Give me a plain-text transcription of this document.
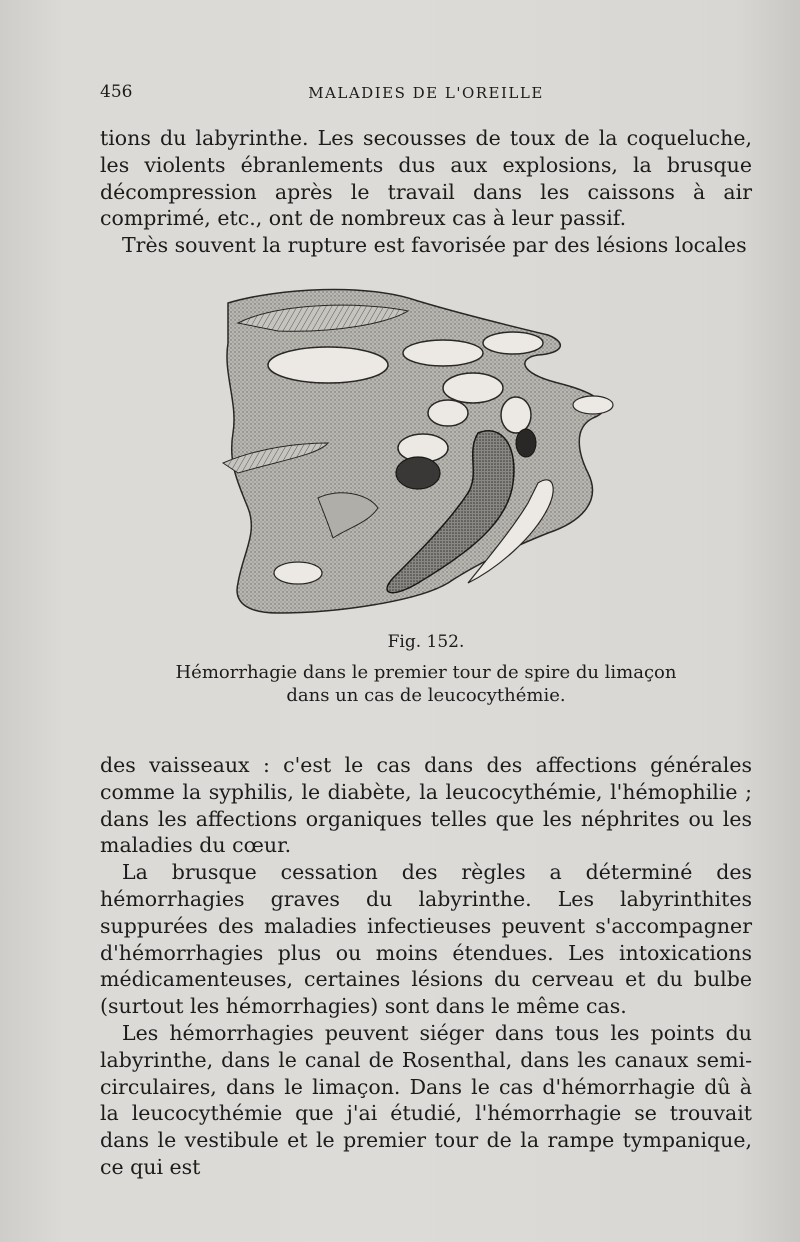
456	MALADIES DE L'OREILLE

tions du labyrinthe. Les secousses de toux de la coqueluche, les violents ébranlements dus aux explosions, la brusque décompression après le travail dans les caissons à air comprimé, etc., ont de nombreux cas à leur passif.

Très souvent la rupture est favorisée par des lésions locales

Fig. 152.
Hémorrhagie dans le premier tour de spire du limaçon
dans un cas de leucocythémie.

des vaisseaux : c'est le cas dans des affections générales comme la syphilis, le diabète, la leucocythémie, l'hémophilie ; dans les affections organiques telles que les néphrites ou les maladies du cœur.

La brusque cessation des règles a déterminé des hémorrhagies graves du labyrinthe. Les labyrinthites suppurées des maladies infectieuses peuvent s'accompagner d'hémorrhagies plus ou moins étendues. Les intoxications médicamenteuses, certaines lésions du cerveau et du bulbe (surtout les hémorrhagies) sont dans le même cas.

Les hémorrhagies peuvent siéger dans tous les points du labyrinthe, dans le canal de Rosenthal, dans les canaux semi-circulaires, dans le limaçon. Dans le cas d'hémorrhagie dû à la leucocythémie que j'ai étudié, l'hémorrhagie se trouvait dans le vestibule et le premier tour de la rampe tympanique, ce qui est
